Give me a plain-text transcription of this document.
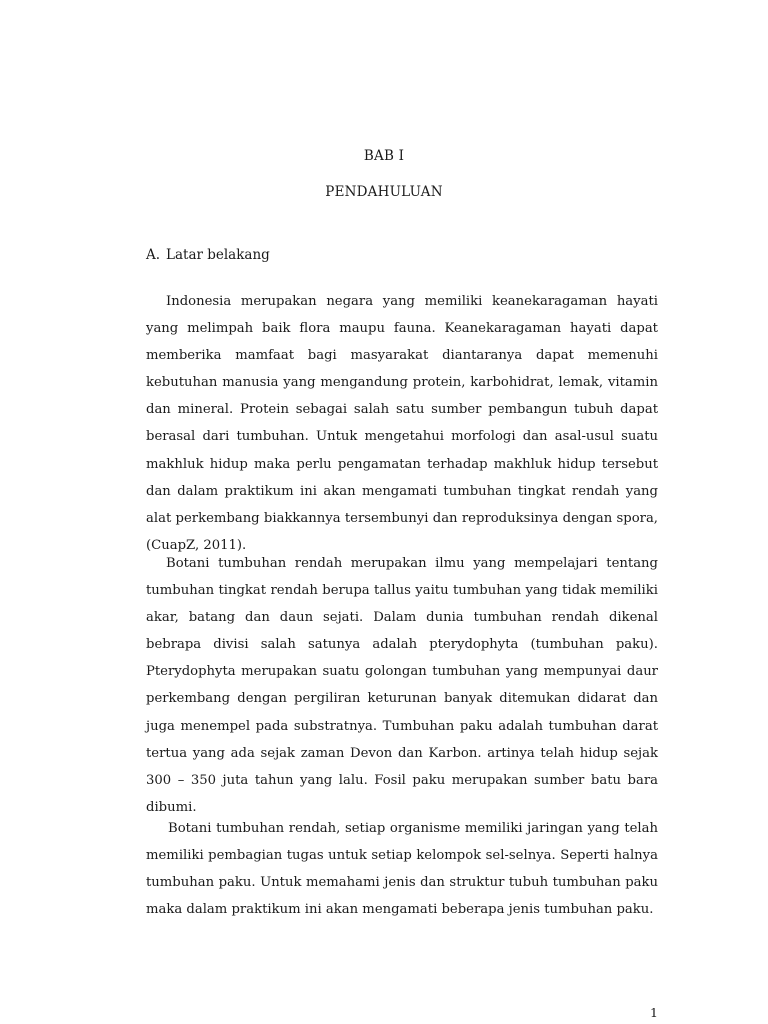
BAB I
PENDAHULUAN
A. Latar belakang

Indonesia merupakan negara yang memiliki keanekaragaman hayati yang melimpah baik flora maupu fauna. Keanekaragaman hayati dapat memberika mamfaat bagi masyarakat diantaranya dapat memenuhi kebutuhan manusia yang mengandung protein, karbohidrat, lemak, vitamin dan mineral. Protein sebagai salah satu sumber pembangun tubuh dapat berasal dari tumbuhan. Untuk mengetahui morfologi dan asal-usul suatu makhluk hidup maka perlu pengamatan terhadap makhluk hidup tersebut dan dalam praktikum ini akan mengamati tumbuhan tingkat rendah yang alat perkembang biakkannya tersembunyi dan reproduksinya dengan spora, (CuapZ, 2011).

Botani tumbuhan rendah merupakan ilmu yang mempelajari tentang tumbuhan tingkat rendah berupa tallus yaitu tumbuhan yang tidak memiliki akar, batang dan daun sejati. Dalam dunia tumbuhan rendah dikenal bebrapa divisi salah satunya adalah pterydophyta (tumbuhan paku). Pterydophyta merupakan suatu golongan tumbuhan yang mempunyai daur perkembang dengan pergiliran keturunan banyak ditemukan didarat dan juga menempel pada substratnya. Tumbuhan paku adalah tumbuhan darat tertua yang ada sejak zaman Devon dan Karbon. artinya telah hidup sejak 300 – 350 juta tahun yang lalu. Fosil paku merupakan sumber batu bara dibumi.

Botani tumbuhan rendah, setiap organisme memiliki jaringan yang telah memiliki pembagian tugas untuk setiap kelompok sel-selnya. Seperti halnya tumbuhan paku. Untuk memahami jenis dan struktur tubuh tumbuhan paku maka dalam praktikum ini akan mengamati beberapa jenis tumbuhan paku.

1
